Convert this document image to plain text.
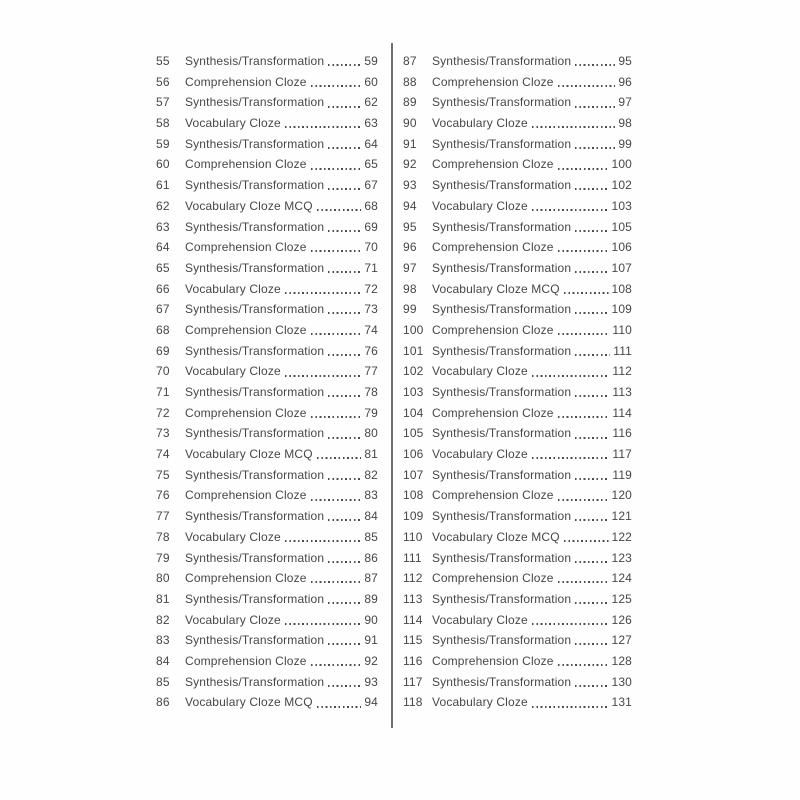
55	Synthesis/Transformation	59
56	Comprehension Cloze	60
57	Synthesis/Transformation	62
58	Vocabulary Cloze	63
59	Synthesis/Transformation	64
60	Comprehension Cloze	65
61	Synthesis/Transformation	67
62	Vocabulary Cloze MCQ	68
63	Synthesis/Transformation	69
64	Comprehension Cloze	70
65	Synthesis/Transformation	71
66	Vocabulary Cloze	72
67	Synthesis/Transformation	73
68	Comprehension Cloze	74
69	Synthesis/Transformation	76
70	Vocabulary Cloze	77
71	Synthesis/Transformation	78
72	Comprehension Cloze	79
73	Synthesis/Transformation	80
74	Vocabulary Cloze MCQ	81
75	Synthesis/Transformation	82
76	Comprehension Cloze	83
77	Synthesis/Transformation	84
78	Vocabulary Cloze	85
79	Synthesis/Transformation	86
80	Comprehension Cloze	87
81	Synthesis/Transformation	89
82	Vocabulary Cloze	90
83	Synthesis/Transformation	91
84	Comprehension Cloze	92
85	Synthesis/Transformation	93
86	Vocabulary Cloze MCQ	94
87	Synthesis/Transformation	95
88	Comprehension Cloze	96
89	Synthesis/Transformation	97
90	Vocabulary Cloze	98
91	Synthesis/Transformation	99
92	Comprehension Cloze	100
93	Synthesis/Transformation	102
94	Vocabulary Cloze	103
95	Synthesis/Transformation	105
96	Comprehension Cloze	106
97	Synthesis/Transformation	107
98	Vocabulary Cloze MCQ	108
99	Synthesis/Transformation	109
100 Comprehension Cloze	110
101 Synthesis/Transformation	111
102 Vocabulary Cloze	112
103 Synthesis/Transformation	113
104 Comprehension Cloze	114
105 Synthesis/Transformation	116
106 Vocabulary Cloze	117
107 Synthesis/Transformation	119
108 Comprehension Cloze	120
109 Synthesis/Transformation	121
110 Vocabulary Cloze MCQ	122
111 Synthesis/Transformation	123
112 Comprehension Cloze	124
113 Synthesis/Transformation	125
114 Vocabulary Cloze	126
115 Synthesis/Transformation	127
116 Comprehension Cloze	128
117 Synthesis/Transformation	130
118 Vocabulary Cloze	131
